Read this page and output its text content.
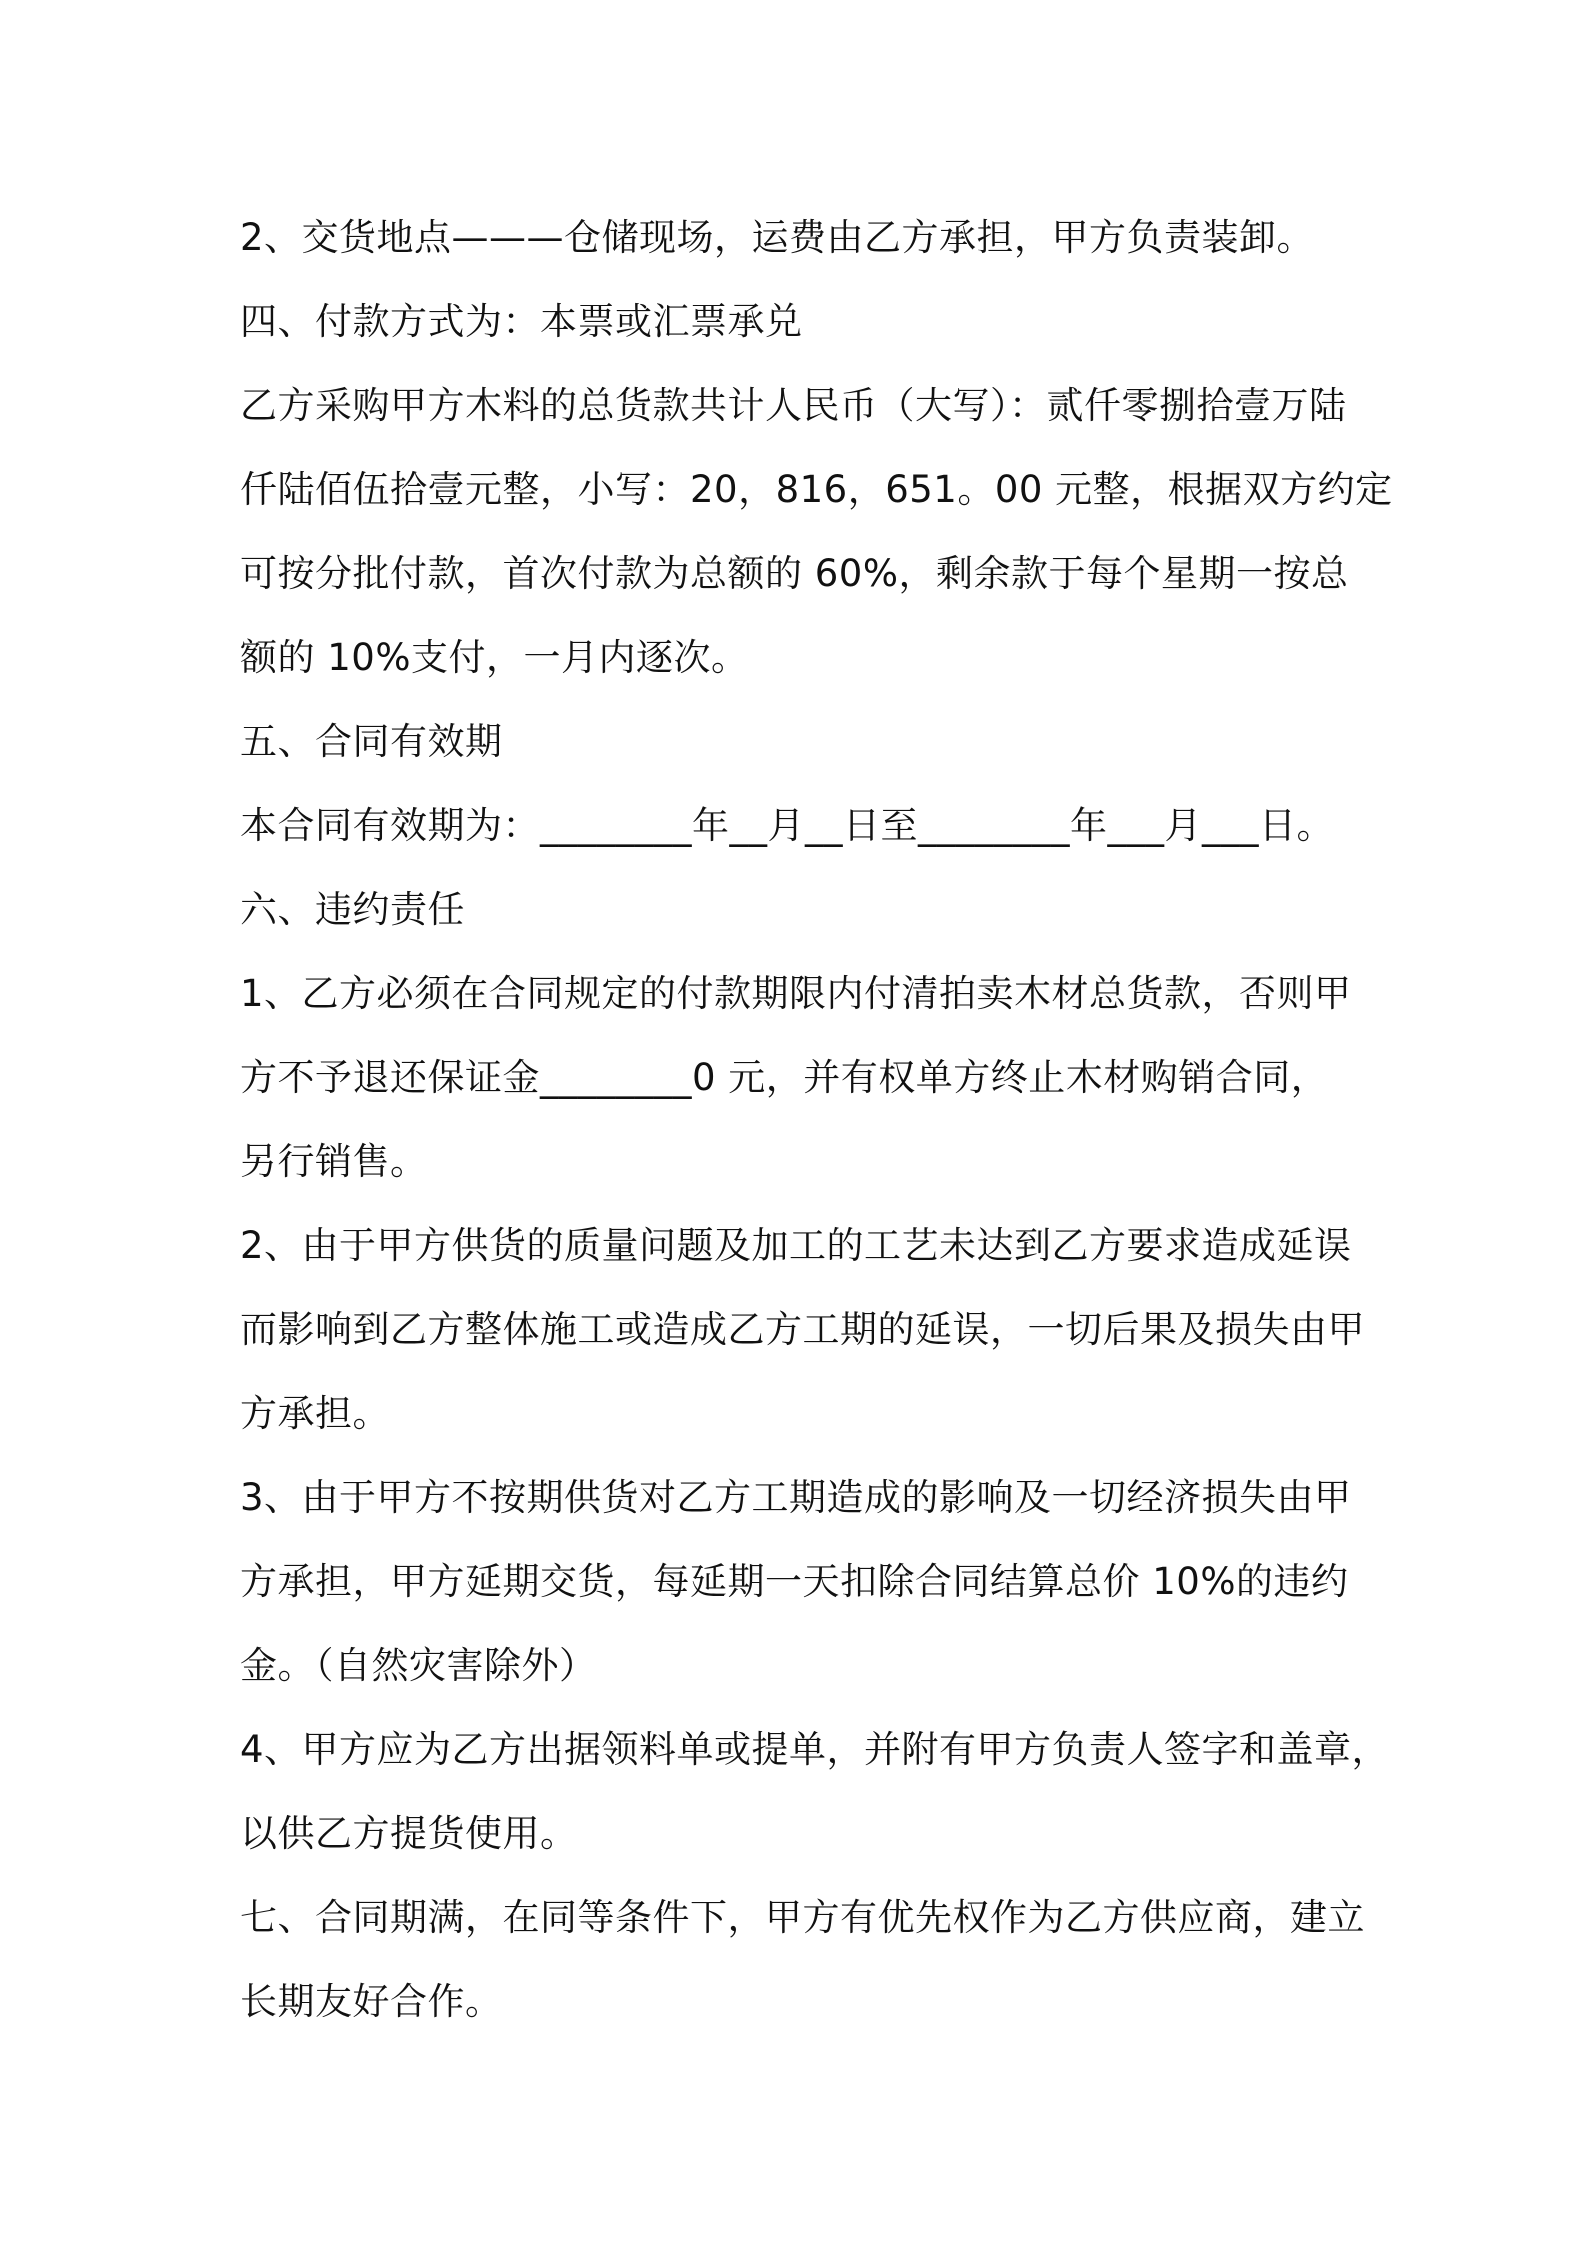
2、交货地点———仓储现场，运费由乙方承担，甲方负责装卸。
四、付款方式为：本票或汇票承兑
乙方采购甲方木料的总货款共计人民币（大写）：贰仟零捌拾壹万陆
仟陆佰伍拾壹元整，小写：20，816，651。00 元整，根据双方约定
可按分批付款，首次付款为总额的 60%，剩余款于每个星期一按总
额的 10%支付，一月内逐次。
五、合同有效期
本合同有效期为：________年__月__日至________年___月___日。
六、违约责任
1、乙方必须在合同规定的付款期限内付清拍卖木材总货款，否则甲
方不予退还保证金________0 元，并有权单方终止木材购销合同，
另行销售。
2、由于甲方供货的质量问题及加工的工艺未达到乙方要求造成延误
而影响到乙方整体施工或造成乙方工期的延误，一切后果及损失由甲
方承担。
3、由于甲方不按期供货对乙方工期造成的影响及一切经济损失由甲
方承担，甲方延期交货，每延期一天扣除合同结算总价 10%的违约
金。（自然灾害除外）
4、甲方应为乙方出据领料单或提单，并附有甲方负责人签字和盖章，
以供乙方提货使用。
七、合同期满，在同等条件下，甲方有优先权作为乙方供应商，建立
长期友好合作。
